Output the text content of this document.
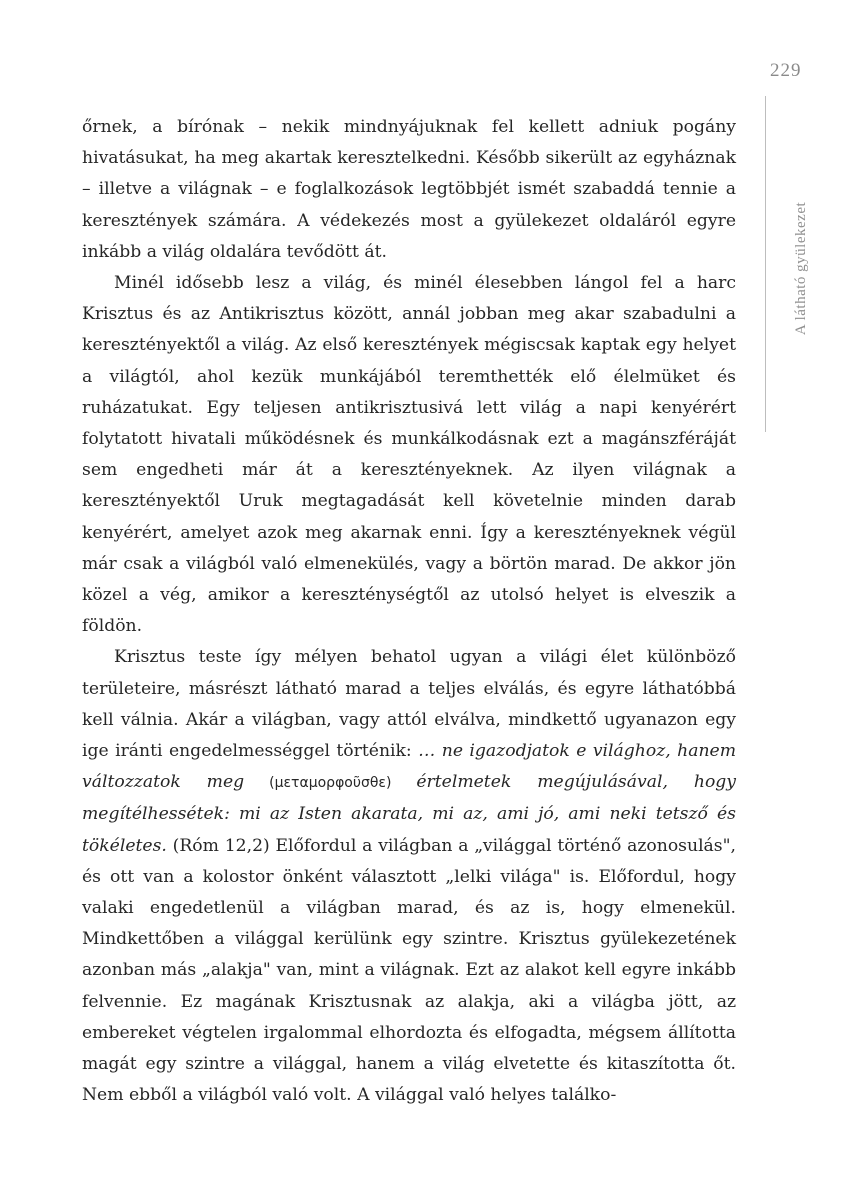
229
A látható gyülekezet

őrnek, a bírónak – nekik mindnyájuknak fel kellett adniuk pogány hivatásukat, ha meg akartak keresztelkedni. Később sikerült az egyháznak – illetve a világnak – e foglalkozások legtöbbjét ismét szabaddá tennie a keresztények számára. A védekezés most a gyülekezet oldaláról egyre inkább a világ oldalára tevődött át.

Minél idősebb lesz a világ, és minél élesebben lángol fel a harc Krisztus és az Antikrisztus között, annál jobban meg akar szabadulni a keresztényektől a világ. Az első keresztények mégiscsak kaptak egy helyet a világtól, ahol kezük munkájából teremthették elő élelmüket és ruházatukat. Egy teljesen antikrisztusivá lett világ a napi kenyérért folytatott hivatali működésnek és munkálkodásnak ezt a magánszféráját sem engedheti már át a keresztényeknek. Az ilyen világnak a keresztényektől Uruk megtagadását kell követelnie minden darab kenyérért, amelyet azok meg akarnak enni. Így a keresztényeknek végül már csak a világból való elmenekülés, vagy a börtön marad. De akkor jön közel a vég, amikor a kereszténységtől az utolsó helyet is elveszik a földön.

Krisztus teste így mélyen behatol ugyan a világi élet különböző területeire, másrészt látható marad a teljes elválás, és egyre láthatóbbá kell válnia. Akár a világban, vagy attól elválva, mindkettő ugyanazon egy ige iránti engedelmességgel történik: … ne igazodjatok e világhoz, hanem változzatok meg (μεταμορφοῦσθε) értelmetek megújulásával, hogy megítélhessétek: mi az Isten akarata, mi az, ami jó, ami neki tetsző és tökéletes. (Róm 12,2) Előfordul a világban a „világgal történő azonosulás", és ott van a kolostor önként választott „lelki világa" is. Előfordul, hogy valaki engedetlenül a világban marad, és az is, hogy elmenekül. Mindkettőben a világgal kerülünk egy szintre. Krisztus gyülekezetének azonban más „alakja" van, mint a világnak. Ezt az alakot kell egyre inkább felvennie. Ez magának Krisztusnak az alakja, aki a világba jött, az embereket végtelen irgalommal elhordozta és elfogadta, mégsem állította magát egy szintre a világgal, hanem a világ elvetette és kitaszította őt. Nem ebből a világból való volt. A világgal való helyes találko-
